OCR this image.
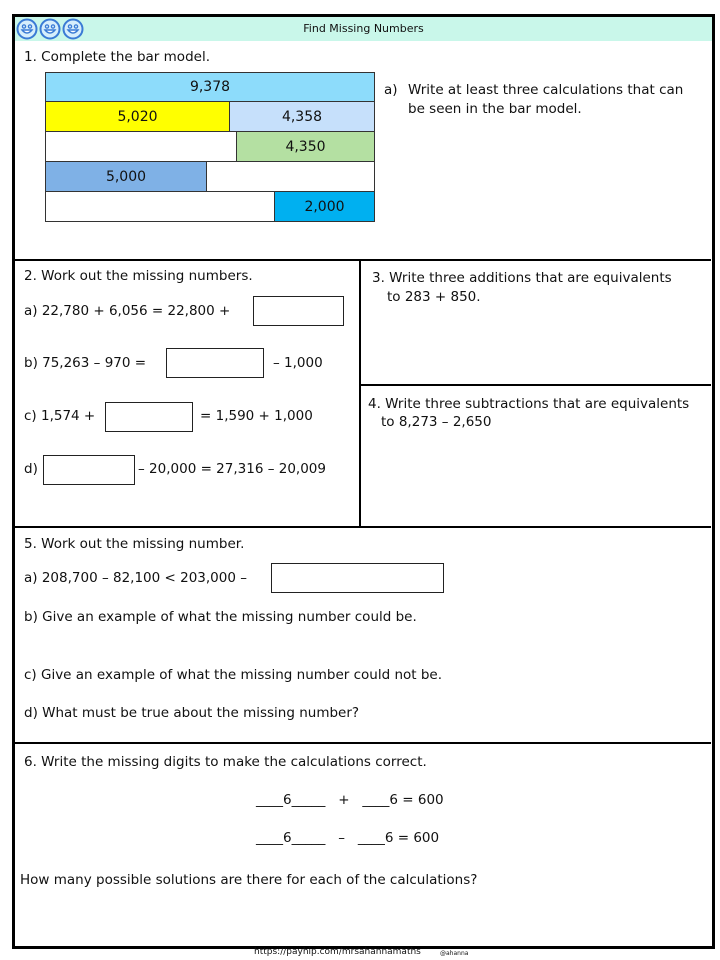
Find Missing Numbers
1. Complete the bar model.
9,378
5,020	4,358
4,350
5,000
2,000
a) Write at least three calculations that can
be seen in the bar model.
2. Work out the missing numbers.
a) 22,780 + 6,056 = 22,800 +
b) 75,263 – 970 =	– 1,000
c) 1,574 +	= 1,590 + 1,000
d)	– 20,000 = 27,316 – 20,009
3. Write three additions that are equivalents
to 283 + 850.
4. Write three subtractions that are equivalents
to 8,273 – 2,650
5. Work out the missing number.
a) 208,700 – 82,100 < 203,000 –
b) Give an example of what the missing number could be.
c) Give an example of what the missing number could not be.
d) What must be true about the missing number?
6. Write the missing digits to make the calculations correct.
____6_____   +   ____6 = 600
____6_____   –   ____6 = 600
How many possible solutions are there for each of the calculations?
https://payhip.com/mrsahannamaths	@ahanna
